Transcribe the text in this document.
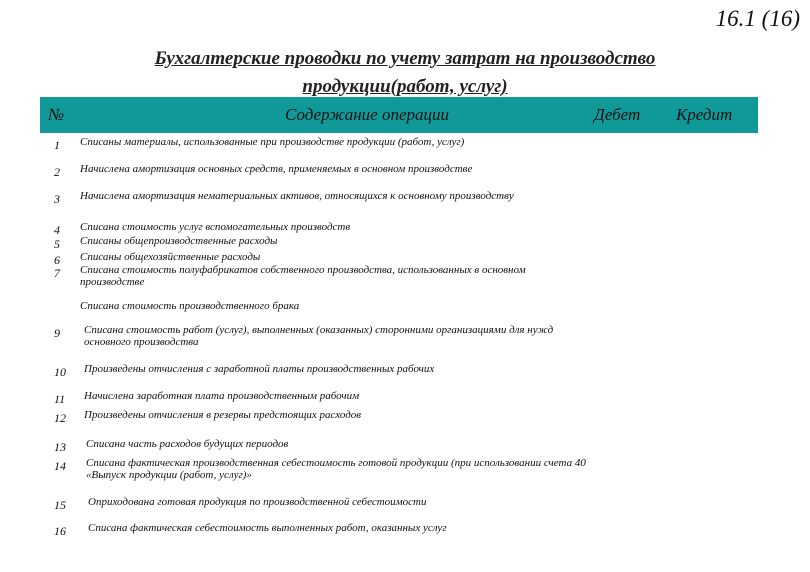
16.1 (16)
Бухгалтерские проводки по учету затрат на производство
продукции(работ, услуг)
№	Содержание операции	Дебет Кредит
1 Списаны материалы, использованные при производстве продукции (работ, услуг)
2 Начислена амортизация основных средств, применяемых в основном производстве
3 Начислена амортизация нематериальных активов, относящихся к основному производству
4 Списана стоимость услуг вспомогательных производств
5 Списаны общепроизводственные расходы
6 Списаны общехозяйственные расходы
7 Списана стоимость полуфабрикатов собственного производства, использованных в основном производстве
Списана стоимость производственного брака
9 Списана стоимость работ (услуг), выполненных (оказанных) сторонними организациями для нужд основного производства
10 Произведены отчисления с заработной платы производственных рабочих
11 Начислена заработная плата производственным рабочим
12 Произведены отчисления в резервы предстоящих расходов
13 Списана часть расходов будущих периодов
14 Списана фактическая производственная себестоимость готовой продукции (при использовании счета 40 «Выпуск продукции (работ, услуг)»
15 Оприходована готовая продукция по производственной себестоимости
16 Списана фактическая себестоимость выполненных работ, оказанных услуг
